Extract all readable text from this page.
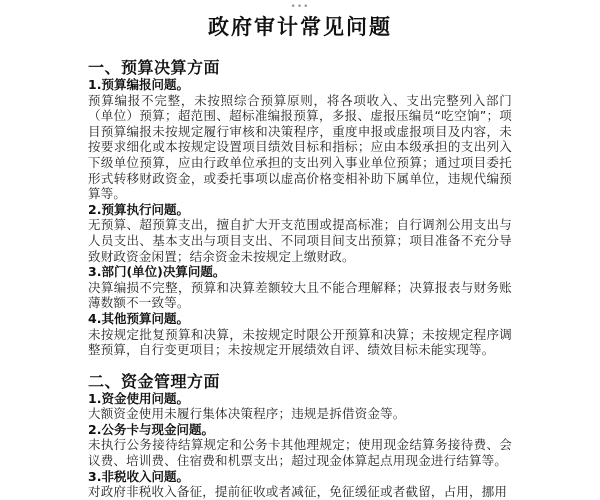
•••
政府审计常见问题
一、预算决算方面
1.预算编报问题。
预算编报不完整，未按照综合预算原则，将各项收入、支出完整列入部门（单位）预算；超范围、超标准编报预算，多报、虚报压编员“吃空饷”；项目预算编报未按规定履行审核和决策程序，重度申报或虚报项目及内容，未按要求细化或本按规定设置项目绩效目标和指标；应由本级承担的支出列入下级单位预算，应由行政单位承担的支出列入事业单位预算；通过项目委托形式转移财政资金，或委托事项以虚高价格变相补助下属单位，违规代编预算等。
2.预算执行问题。
无预算、超预算支出，擅自扩大开支范围或提高标准；自行调剂公用支出与人员支出、基本支出与项目支出、不同项目间支出预算；项目准备不充分导致财政资金闲置；结余资金未按规定上缴财政。
3.部门(单位)决算问题。
决算编损不完整，预算和决算差额较大且不能合理解释；决算报表与财务账薄数额不一致等。
4.其他预算问题。
未按规定批复预算和决算，未按规定时限公开预算和决算；未按规定程序调整预算，自行变更项目；未按规定开展绩效自评、绩效目标未能实现等。
二、资金管理方面
1.资金使用问题。
大额资金使用未履行集体决策程序；违规是拆借资金等。
2.公务卡与现金问题。
未执行公务接待结算规定和公务卡其他理规定；使用现金结算务接待费、会议费、培训费、住宿费和机票支出；超过现金体算起点用现金进行结算等。
3.非税收入问题。
对政府非税收入备征，提前征收或者减征，免征缓征或者截留，占用，挪用
